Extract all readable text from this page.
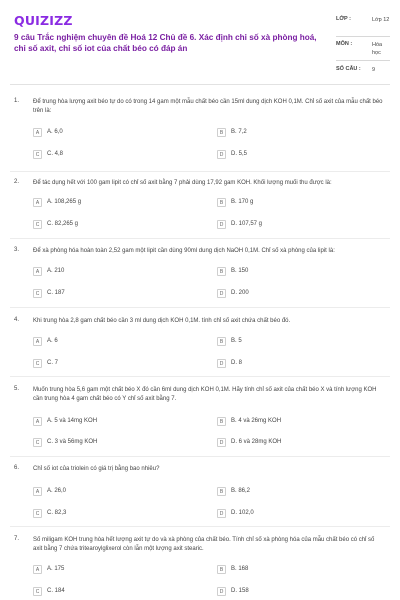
QUIZIZZ
9 câu Trắc nghiệm chuyên đề Hoá 12 Chủ đề 6. Xác định chỉ số xà phòng hoá, chỉ số axit, chỉ số iot của chất béo có đáp án
LỚP :	Lớp 12
MÔN :	Hóa học
SỐ CÂU : 9
1. Để trung hòa lượng axit béo tự do có trong 14 gam một mẫu chất béo cần 15ml dung dịch KOH 0,1M. Chỉ số axit của mẫu chất béo trên là:
A	A. 6,0	B	B. 7,2
C	C. 4,8	D	D. 5,5
2. Để tác dụng hết với 100 gam lipit có chỉ số axit bằng 7 phải dùng 17,92 gam KOH. Khối lượng muối thu được là:
A	A. 108,265 g	B	B. 170 g
C	C. 82,265 g	D	D. 107,57 g
3. Để xà phòng hóa hoàn toàn 2,52 gam một lipit cần dùng 90ml dung dịch NaOH 0,1M. Chỉ số xà phòng của lipit là:
A	A. 210	B	B. 150
C	C. 187	D	D. 200
4. Khi trung hòa 2,8 gam chất béo cần 3 ml dung dịch KOH 0,1M. tính chỉ số axit chứa chất béo đó.
A	A. 6	B	B. 5
C	C. 7	D	D. 8
5. Muốn trung hòa 5,6 gam một chất béo X đó cần 6ml dung dịch KOH 0,1M. Hãy tính chỉ số axit của chất béo X và tính lượng KOH cần trung hòa 4 gam chất béo có Y chỉ số axit bằng 7.
A	A. 5 và 14mg KOH	B	B. 4 và 26mg KOH
C	C. 3 và 56mg KOH	D	D. 6 và 28mg KOH
6. Chỉ số iot của triolein có giá trị bằng bao nhiêu?
A	A. 26,0	B	B. 86,2
C	C. 82,3	D	D. 102,0
7. Số miligam KOH trung hòa hết lượng axit tự do và xà phòng của chất béo. Tính chỉ số xà phòng hóa của mẫu chất béo có chỉ số axit bằng 7 chứa tritearoylglixerol còn lẫn một lượng axit stearic.
A	A. 175	B	B. 168
C	C. 184	D	D. 158
